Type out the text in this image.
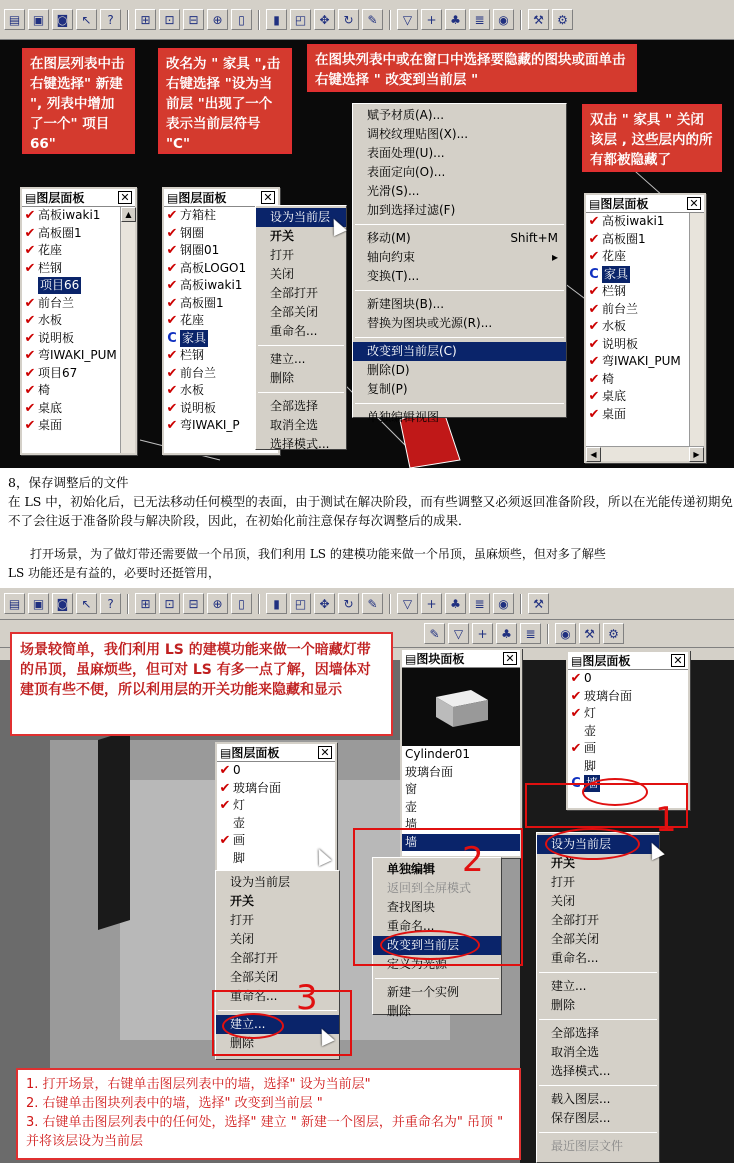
▤	▣	◙	↖	?	⊞	⊡	⊟	⊕	▯	▮	◰	✥	↻	✎	▽	+	♣	≣	◉	⚒	⚙
在图层列表中击右键选择" 新建 ", 列表中增加了一个" 项目 66"
改名为 " 家具 ",击右键选择 "设为当前层 "出现了一个表示当前层符号 "C"
在图块列表中或在窗口中选择要隐藏的图块或面单击右键选择 " 改变到当前层 "
双击 " 家具 " 关闭该层 , 这些层内的所有都被隐藏了
▤图层面板	✕
✔ 高板iwaki1
✔ 高板圈1
✔ 花座
✔ 栏钢
项目66
✔ 前台兰
✔ 水板
✔ 说明板
✔ 弯IWAKI_PUM
✔ 项目67
✔ 椅
✔ 桌底
✔ 桌面
▲
▤图层面板	✕
✔ 方箱柱
✔ 钢圈
✔ 钢圈01
✔ 高板LOGO1
✔ 高板iwaki1
✔ 高板圈1
✔ 花座
C 家具
✔ 栏钢
✔ 前台兰
✔ 水板
✔ 说明板
✔ 弯IWAKI_P
设为当前层
开关
打开
关闭
全部打开
全部关闭
重命名...
建立...
删除
全部选择
取消全选
选择模式...
赋予材质(A)...
调校纹理贴图(X)...
表面处理(U)...
表面定向(O)...
光滑(S)...
加到选择过滤(F)
移动(M)	Shift+M
轴向约束	▸
变换(T)...
新建图块(B)...
替换为图块或光源(R)...
改变到当前层(C)
删除(D)
复制(P)
单独编辑视图
▤图层面板	✕
✔ 高板iwaki1
✔ 高板圈1
✔ 花座
C 家具
✔ 栏钢
✔ 前台兰
✔ 水板
✔ 说明板
✔ 弯IWAKI_PUM
✔ 椅
✔ 桌底
✔ 桌面
◀	▶
8，保存调整后的文件
在 LS 中，初始化后，已无法移动任何模型的表面，由于测试在解决阶段，而有些调整又必须返回准备阶段，所以在光能传递初期免不了会往返于准备阶段与解决阶段，因此，在初始化前注意保存每次调整后的成果．
打开场景，为了做灯带还需要做一个吊顶，我们利用 LS 的建模功能来做一个吊顶，虽麻烦些，但对多了解些
LS 功能还是有益的，必要时还挺管用，
▤	▣	◙	↖	?	⊞	⊡	⊟	⊕	▯	▮	◰	✥	↻	✎	▽	+	♣	≣	◉	⚒
✎	▽	+	♣	≣	◉	⚒	⚙
场景较简单，我们利用 LS 的建模功能来做一个暗藏灯带的吊顶，虽麻烦些，但可对 LS 有多一点了解，因墙体对建顶有些不便，所以利用层的开关功能来隐藏和显示
▤图块面板	✕
Cylinder01
玻璃台面
窗
壶
墙
墙
▤图层面板	✕
✔ 0
✔ 玻璃台面
✔ 灯
壶
✔ 画
脚
C 墙
▤图层面板	✕
✔ 0
✔ 玻璃台面
✔ 灯
壶
✔ 画
脚
设为当前层
开关
打开
关闭
全部打开
全部关闭
重命名...
建立...
删除
单独编辑
返回到全屏模式
查找图块
重命名...
改变到当前层
定义为光源
新建一个实例
删除
设为当前层
开关
打开
关闭
全部打开
全部关闭
重命名...
建立...
删除
全部选择
取消全选
选择模式...
载入图层...
保存图层...
最近图层文件
1
2
3
1. 打开场景，右键单击图层列表中的墙，选择" 设为当前层"
2. 右键单击图块列表中的墙，选择" 改变到当前层 "
3. 右键单击图层列表中的任何处，选择" 建立 " 新建一个图层，并重命名为" 吊顶 " 并将该层设为当前层
